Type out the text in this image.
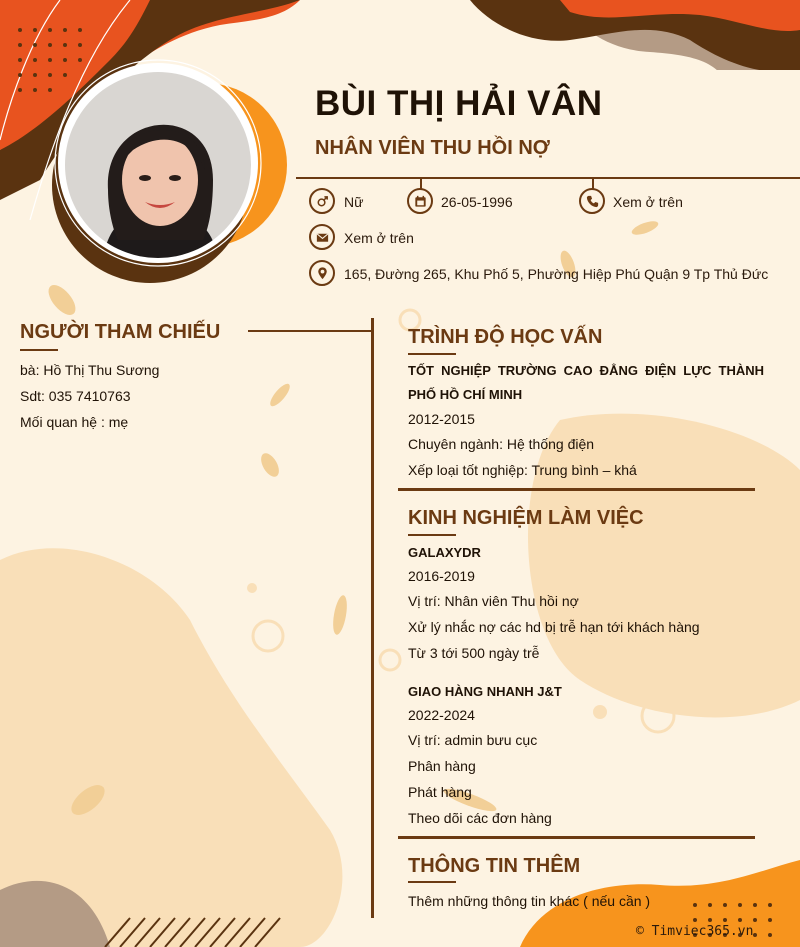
BÙI THỊ HẢI VÂN
NHÂN VIÊN THU HỒI NỢ
Nữ	26-05-1996	Xem ở trên
Xem ở trên
165, Đường 265, Khu Phố 5, Phường Hiệp Phú Quận 9 Tp Thủ Đức
NGƯỜI THAM CHIẾU
bà: Hồ Thị Thu Sương
Sdt: 035 7410763
Mối quan hệ : mẹ
TRÌNH ĐỘ HỌC VẤN
TỐT NGHIỆP TRƯỜNG CAO ĐẲNG ĐIỆN LỰC THÀNH
PHỐ HỒ CHÍ MINH
2012-2015
Chuyên ngành: Hệ thống điện
Xếp loại tốt nghiệp: Trung bình – khá
KINH NGHIỆM LÀM VIỆC
GALAXYDR
2016-2019
Vị trí: Nhân viên Thu hồi nợ
Xử lý nhắc nợ các hd bị trễ hạn tới khách hàng
Từ 3 tới 500 ngày trễ
GIAO HÀNG NHANH J&T
2022-2024
Vị trí: admin bưu cục
Phân hàng
Phát hàng
Theo dõi các đơn hàng
THÔNG TIN THÊM
Thêm những thông tin khác ( nếu cần )
© Timviec365.vn
